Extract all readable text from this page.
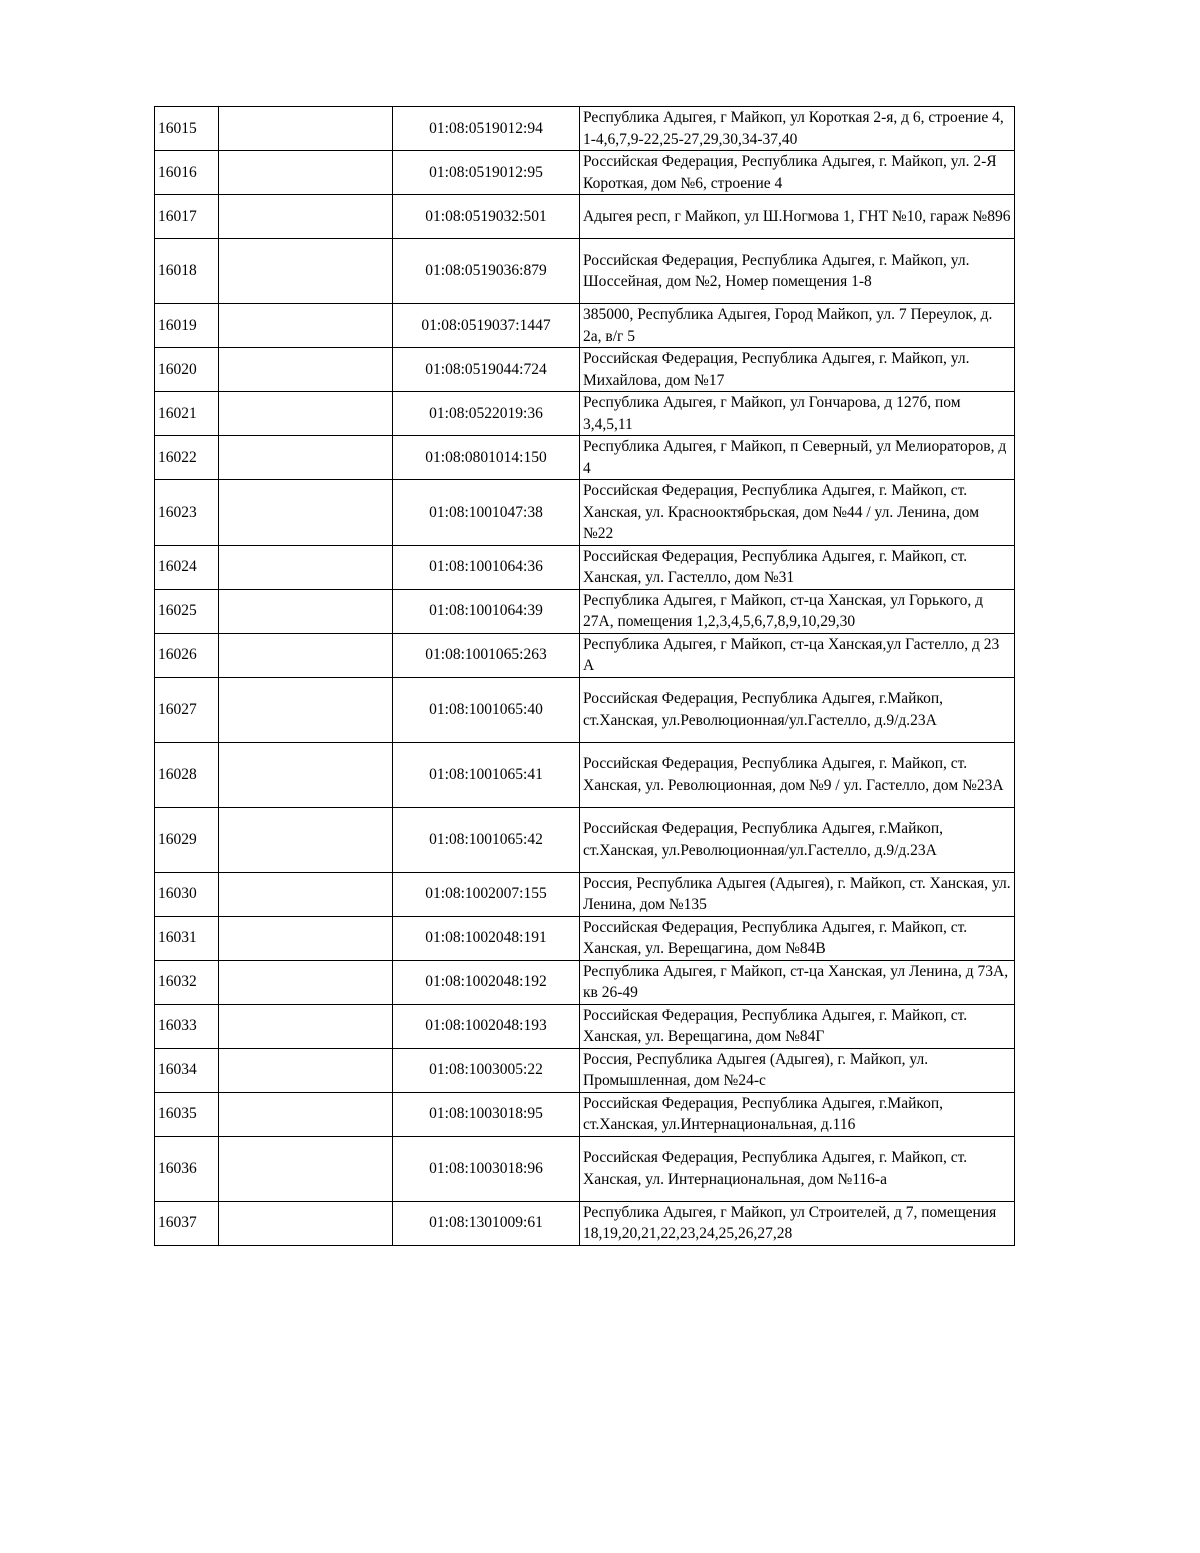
16015		01:08:0519012:94	Республика Адыгея, г Майкоп, ул Короткая 2-я, д 6, строение 4, 1-4,6,7,9-22,25-27,29,30,34-37,40
16016		01:08:0519012:95	Российская Федерация, Республика Адыгея, г. Майкоп, ул. 2-Я Короткая, дом №6, строение 4
16017		01:08:0519032:501	Адыгея респ, г Майкоп, ул Ш.Ногмова 1, ГНТ №10, гараж №896
16018		01:08:0519036:879	Российская Федерация, Республика Адыгея, г. Майкоп, ул. Шоссейная, дом №2, Номер помещения 1-8
16019		01:08:0519037:1447	385000, Республика Адыгея, Город Майкоп, ул. 7 Переулок, д. 2а, в/г 5
16020		01:08:0519044:724	Российская Федерация, Республика Адыгея, г. Майкоп, ул. Михайлова, дом №17
16021		01:08:0522019:36	Республика Адыгея, г Майкоп, ул Гончарова, д 127б, пом 3,4,5,11
16022		01:08:0801014:150	Республика Адыгея, г Майкоп, п Северный, ул Мелиораторов, д 4
16023		01:08:1001047:38	Российская Федерация, Республика Адыгея, г. Майкоп, ст. Ханская, ул. Краснооктябрьская, дом №44 / ул. Ленина, дом №22
16024		01:08:1001064:36	Российская Федерация, Республика Адыгея, г. Майкоп, ст. Ханская, ул. Гастелло, дом №31
16025		01:08:1001064:39	Республика Адыгея, г Майкоп, ст-ца Ханская, ул Горького, д 27А, помещения 1,2,3,4,5,6,7,8,9,10,29,30
16026		01:08:1001065:263	Республика Адыгея, г Майкоп, ст-ца Ханская,ул Гастелло, д 23 А
16027		01:08:1001065:40	Российская Федерация, Республика Адыгея, г.Майкоп, ст.Ханская, ул.Революционная/ул.Гастелло, д.9/д.23А
16028		01:08:1001065:41	Российская Федерация, Республика Адыгея, г. Майкоп, ст. Ханская, ул. Революционная, дом №9 / ул. Гастелло, дом №23А
16029		01:08:1001065:42	Российская Федерация, Республика Адыгея, г.Майкоп, ст.Ханская, ул.Революционная/ул.Гастелло, д.9/д.23А
16030		01:08:1002007:155	Россия, Республика Адыгея (Адыгея), г. Майкоп, ст. Ханская, ул. Ленина, дом №135
16031		01:08:1002048:191	Российская Федерация, Республика Адыгея, г. Майкоп, ст. Ханская, ул. Верещагина, дом №84В
16032		01:08:1002048:192	Республика Адыгея, г Майкоп, ст-ца Ханская, ул Ленина, д 73А, кв 26-49
16033		01:08:1002048:193	Российская Федерация, Республика Адыгея, г. Майкоп, ст. Ханская, ул. Верещагина, дом №84Г
16034		01:08:1003005:22	Россия, Республика Адыгея (Адыгея), г. Майкоп, ул. Промышленная, дом №24-с
16035		01:08:1003018:95	Российская Федерация, Республика Адыгея, г.Майкоп, ст.Ханская, ул.Интернациональная, д.116
16036		01:08:1003018:96	Российская Федерация, Республика Адыгея, г. Майкоп, ст. Ханская, ул. Интернациональная, дом №116-а
16037		01:08:1301009:61	Республика Адыгея, г Майкоп, ул Строителей, д 7, помещения 18,19,20,21,22,23,24,25,26,27,28
